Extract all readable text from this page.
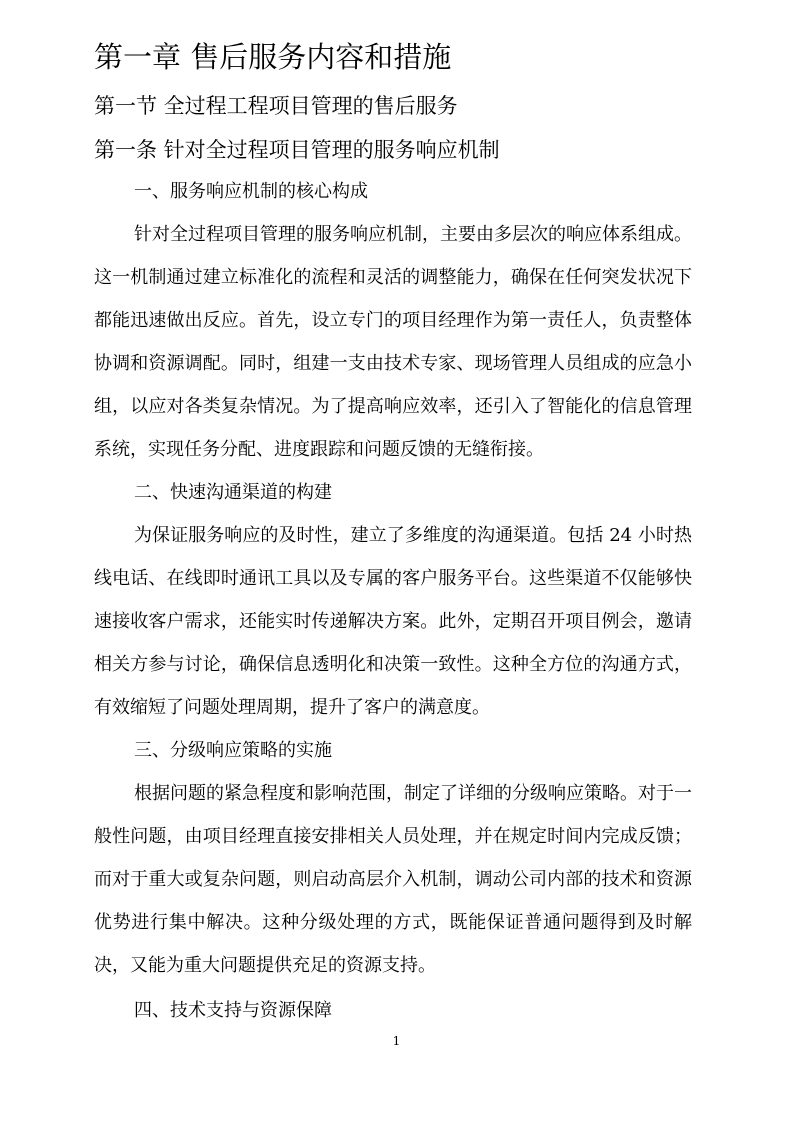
第一章 售后服务内容和措施
第一节 全过程工程项目管理的售后服务
第一条 针对全过程项目管理的服务响应机制
一、服务响应机制的核心构成

针对全过程项目管理的服务响应机制，主要由多层次的响应体系组成。这一机制通过建立标准化的流程和灵活的调整能力，确保在任何突发状况下都能迅速做出反应。首先，设立专门的项目经理作为第一责任人，负责整体协调和资源调配。同时，组建一支由技术专家、现场管理人员组成的应急小组，以应对各类复杂情况。为了提高响应效率，还引入了智能化的信息管理系统，实现任务分配、进度跟踪和问题反馈的无缝衔接。

二、快速沟通渠道的构建

为保证服务响应的及时性，建立了多维度的沟通渠道。包括 24 小时热线电话、在线即时通讯工具以及专属的客户服务平台。这些渠道不仅能够快速接收客户需求，还能实时传递解决方案。此外，定期召开项目例会，邀请相关方参与讨论，确保信息透明化和决策一致性。这种全方位的沟通方式，有效缩短了问题处理周期，提升了客户的满意度。

三、分级响应策略的实施

根据问题的紧急程度和影响范围，制定了详细的分级响应策略。对于一般性问题，由项目经理直接安排相关人员处理，并在规定时间内完成反馈；而对于重大或复杂问题，则启动高层介入机制，调动公司内部的技术和资源优势进行集中解决。这种分级处理的方式，既能保证普通问题得到及时解决，又能为重大问题提供充足的资源支持。

四、技术支持与资源保障
1
